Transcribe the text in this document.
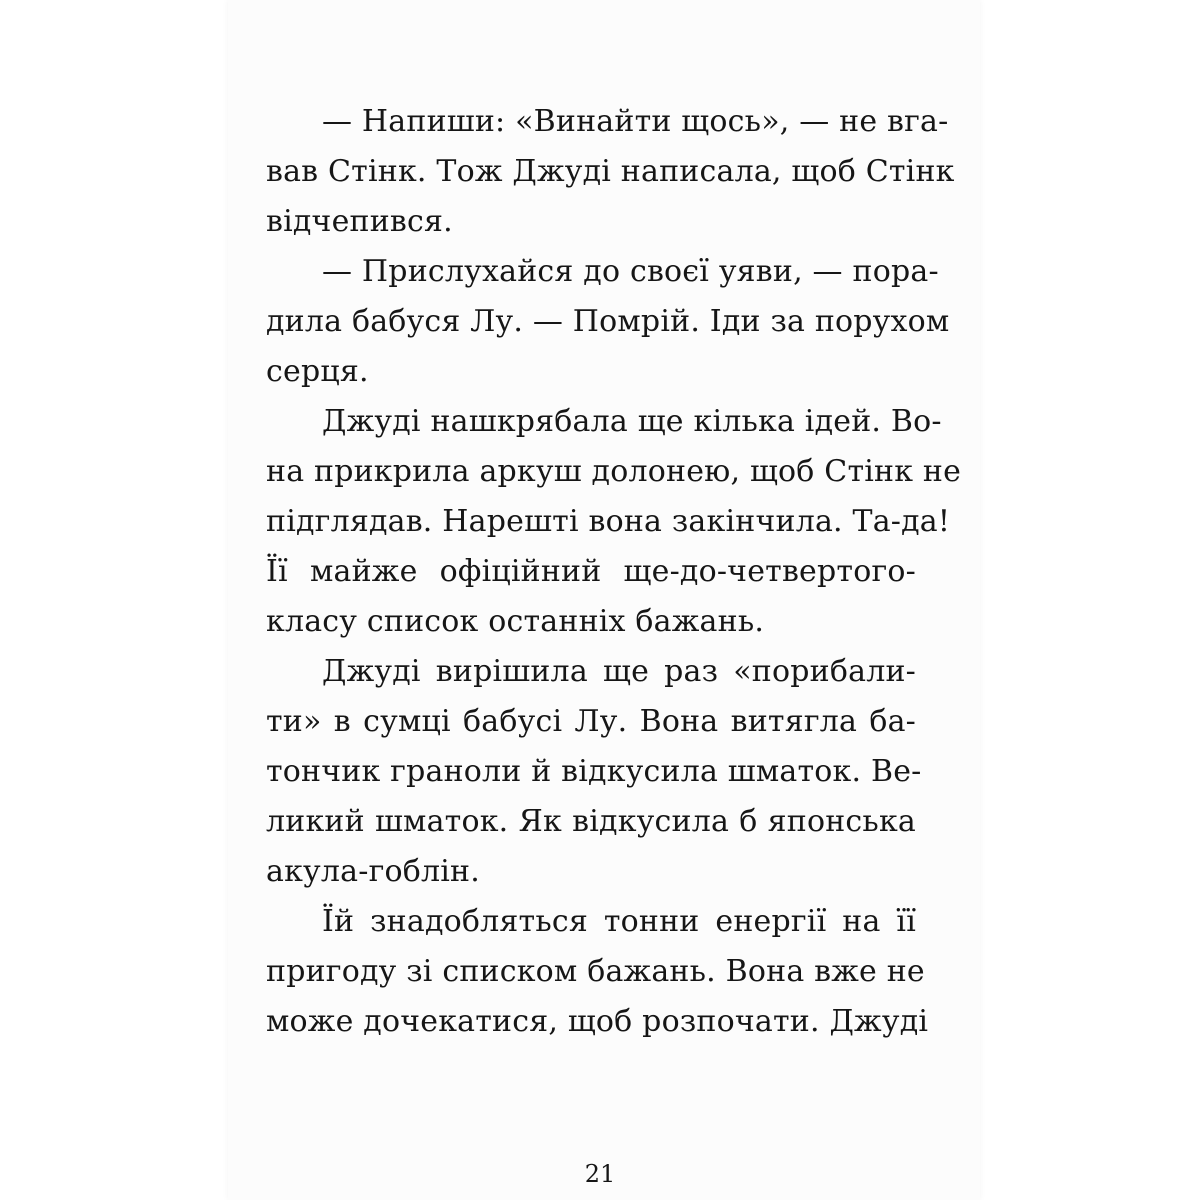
— Напиши: «Винайти щось», — не вга-
вав Стінк. Тож Джуді написала, щоб Стінк
відчепився.
— Прислухайся до своєї уяви, — пора-
дила бабуся Лу. — Помрій. Іди за порухом
серця.
Джуді нашкрябала ще кілька ідей. Во-
на прикрила аркуш долонею, щоб Стінк не
підглядав. Нарешті вона закінчила. Та-да!
Її майже офіційний ще-до-четвертого-
класу список останніх бажань.
Джуді вирішила ще раз «порибали-
ти» в сумці бабусі Лу. Вона витягла ба-
тончик граноли й відкусила шматок. Ве-
ликий шматок. Як відкусила б японська
акула-гоблін.
Їй знадобляться тонни енергії на її
пригоду зі списком бажань. Вона вже не
може дочекатися, щоб розпочати. Джуді
21
